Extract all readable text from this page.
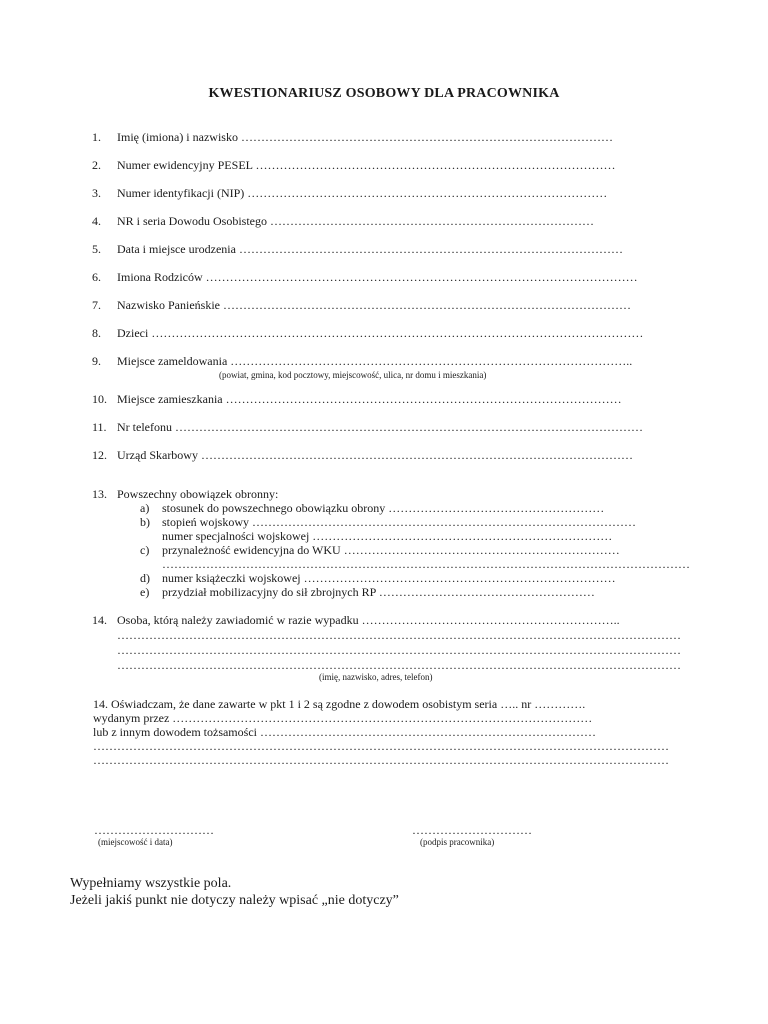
KWESTIONARIUSZ OSOBOWY DLA PRACOWNIKA
1. Imię (imiona) i nazwisko …………………………………………………………………………………
2. Numer ewidencyjny PESEL ………………………………………………………………………………
3. Numer identyfikacji (NIP) ………………………………………………………………………………
4. NR i seria Dowodu Osobistego ………………………………………………………………………
5. Data i miejsce urodzenia ……………………………………………………………………………………
6. Imiona Rodziców ………………………………………………………………………………………………
7. Nazwisko Panieńskie …………………………………………………………………………………………
8. Dzieci ……………………………………………………………………………………………………………
9. Miejsce zameldowania ………………………………………………………………………………………..
(powiat, gmina, kod pocztowy, miejscowość, ulica, nr domu i mieszkania)
10. Miejsce zamieszkania ………………………………………………………………………………………
11. Nr telefonu ………………………………………………………………………………………………………
12. Urząd Skarbowy ………………………………………………………………………………………………
13. Powszechny obowiązek obronny:
a) stosunek do powszechnego obowiązku obrony ………………………………………………
b) stopień wojskowy ……………………………………………………………………………………
numer specjalności wojskowej …………………………………………………………………
c) przynależność ewidencyjna do WKU ……………………………………………………………
……………………………………………………………………………………………………………………
d) numer książeczki wojskowej ……………………………………………………………………
e) przydział mobilizacyjny do sił zbrojnych RP ………………………………………………
14. Osoba, którą należy zawiadomić w razie wypadku ………………………………………………………..
……………………………………………………………………………………………………………………………
……………………………………………………………………………………………………………………………
……………………………………………………………………………………………………………………………
(imię, nazwisko, adres, telefon)
14. Oświadczam, że dane zawarte w pkt 1 i 2 są zgodne z dowodem osobistym seria ….. nr ………….
wydanym przez ……………………………………………………………………………………………
lub z innym dowodem tożsamości …………………………………………………………………………
………………………………………………………………………………………………………………………………
………………………………………………………………………………………………………………………………
…………………………
(miejscowość i data)
…………………………
(podpis pracownika)
Wypełniamy wszystkie pola.
Jeżeli jakiś punkt nie dotyczy należy wpisać „nie dotyczy”
